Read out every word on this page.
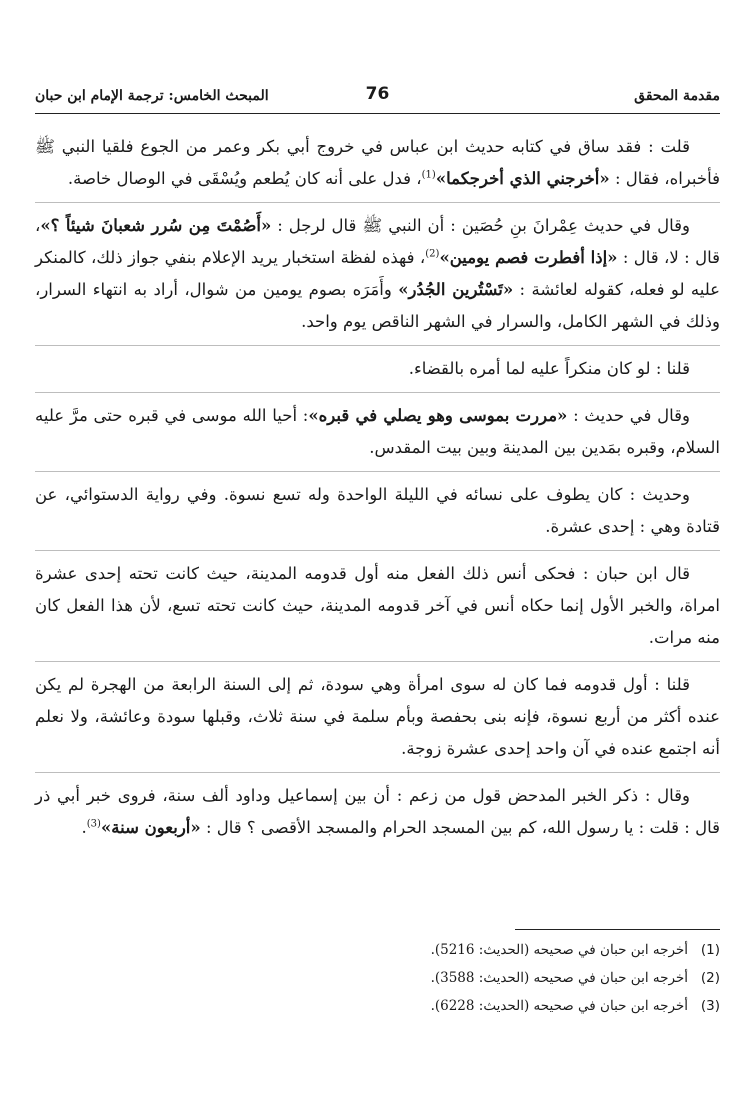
مقدمة المحقق
76
المبحث الخامس: ترجمة الإمام ابن حبان

قلت : فقد ساق في كتابه حديث ابن عباس في خروج أبي بكر وعمر من الجوع فلقيا النبي ﷺ فأخبراه، فقال : «أخرجني الذي أخرجكما»$^{(1)}$، فدل على أنه كان يُطعم ويُسْقَى في الوصال خاصة.

وقال في حديث عِمْرانَ بنِ حُصَين : أن النبي ﷺ قال لرجل : «أَصُمْتَ مِن سُرر شعبانَ شيئاً ؟»، قال : لا، قال : «إذا أفطرت فصم يومين»$^{(2)}$، فهذه لفظة استخبار يريد الإعلام بنفي جواز ذلك، كالمنكر عليه لو فعله، كقوله لعائشة : «تَسْتُرين الجُدُر» وأَمَرَه بصوم يومين من شوال، أراد به انتهاء السرار، وذلك في الشهر الكامل، والسرار في الشهر الناقص يوم واحد.

قلنا : لو كان منكراً عليه لما أمره بالقضاء.

وقال في حديث : «مررت بموسى وهو يصلي في قبره»: أحيا الله موسى في قبره حتى مرَّ عليه السلام، وقبره بمَدين بين المدينة وبين بيت المقدس.

وحديث : كان يطوف على نسائه في الليلة الواحدة وله تسع نسوة. وفي رواية الدستوائي، عن قتادة وهي : إحدى عشرة.

قال ابن حبان : فحكى أنس ذلك الفعل منه أول قدومه المدينة، حيث كانت تحته إحدى عشرة امراة، والخبر الأول إنما حكاه أنس في آخر قدومه المدينة، حيث كانت تحته تسع، لأن هذا الفعل كان منه مرات.

قلنا : أول قدومه فما كان له سوى امرأة وهي سودة، ثم إلى السنة الرابعة من الهجرة لم يكن عنده أكثر من أربع نسوة، فإنه بنى بحفصة وبأم سلمة في سنة ثلاث، وقبلها سودة وعائشة، ولا نعلم أنه اجتمع عنده في آن واحد إحدى عشرة زوجة.

وقال : ذكر الخبر المدحض قول من زعم : أن بين إسماعيل وداود ألف سنة، فروى خبر أبي ذر قال : قلت : يا رسول الله، كم بين المسجد الحرام والمسجد الأقصى ؟ قال : «أربعون سنة»$^{(3)}$.

(1)أخرجه ابن حبان في صحيحه (الحديث: 5216).
(2)أخرجه ابن حبان في صحيحه (الحديث: 3588).
(3)أخرجه ابن حبان في صحيحه (الحديث: 6228).
